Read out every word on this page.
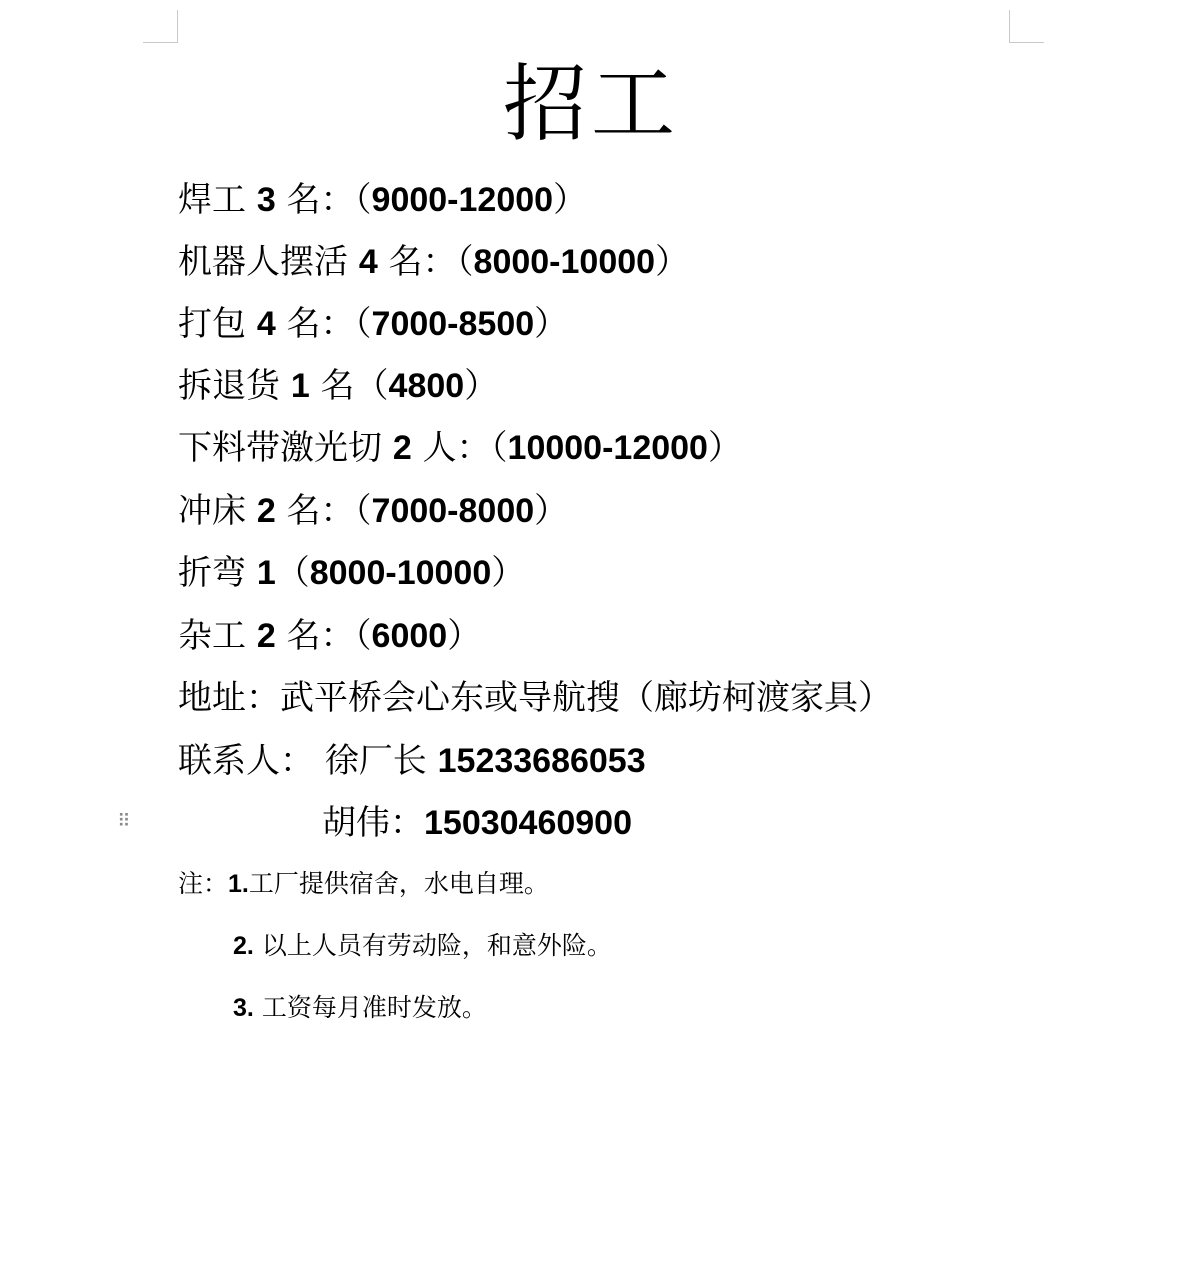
招工
焊工 3 名：（9000-12000）
机器人摆活 4 名：（8000-10000）
打包 4 名：（7000-8500）
拆退货 1 名（4800）
下料带激光切 2 人：（10000-12000）
冲床 2 名：（7000-8000）
折弯 1（8000-10000）
杂工 2 名：（6000）
地址：武平桥会心东或导航搜（廊坊柯渡家具）
联系人： 徐厂长 15233686053
⠿	胡伟：15030460900
注：1.工厂提供宿舍，水电自理。
2. 以上人员有劳动险，和意外险。
3. 工资每月准时发放。
